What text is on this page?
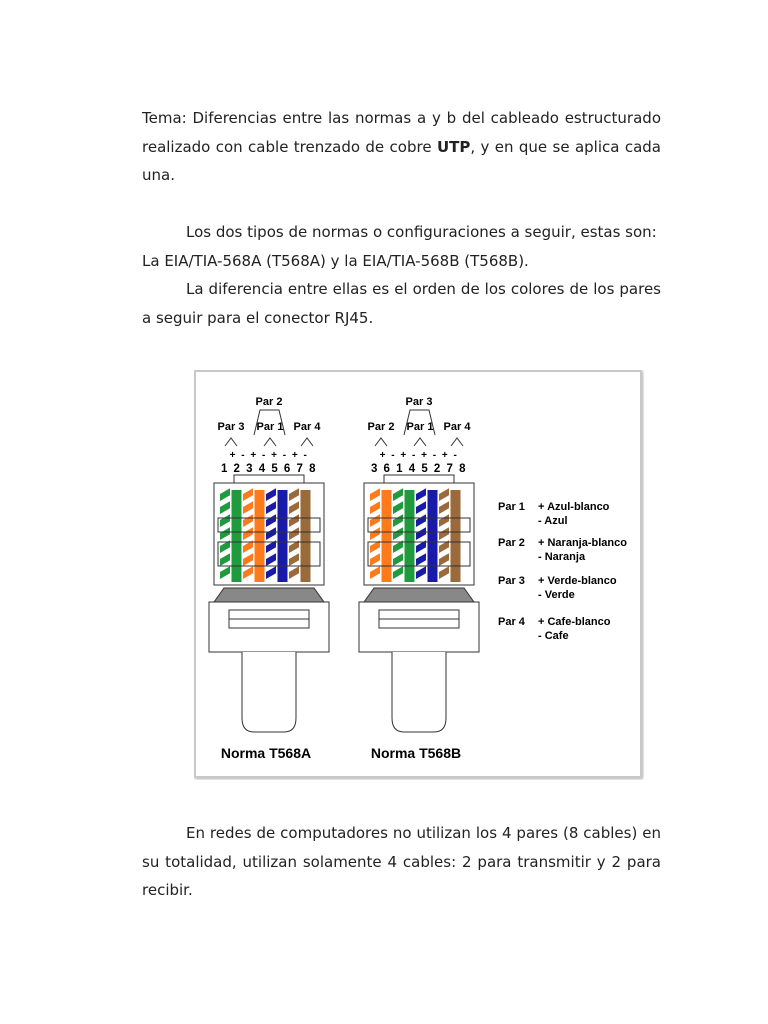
Tema: Diferencias entre las normas a y b del cableado estructurado realizado con cable trenzado de cobre UTP, y en que se aplica cada una.

Los dos tipos de normas o configuraciones a seguir, estas son:
La EIA/TIA-568A (T568A) y la EIA/TIA-568B (T568B).

La diferencia entre ellas es el orden de los colores de los pares a seguir para el conector RJ45.

Par 2
Par 3 Par 1 Par 4
+ - + - + - + -
1 2 3 4 5 6 7 8
Norma T568A
Par 3
Par 2 Par 1 Par 4
+ - + - + - + -
3 6 1 4 5 2 7 8
Norma T568B
Par 1 + Azul-blanco
- Azul
Par 2 + Naranja-blanco
- Naranja
Par 3 + Verde-blanco
- Verde
Par 4 + Cafe-blanco
- Cafe

En redes de computadores no utilizan los 4 pares (8 cables) en su totalidad, utilizan solamente 4 cables: 2 para transmitir y 2 para recibir.
